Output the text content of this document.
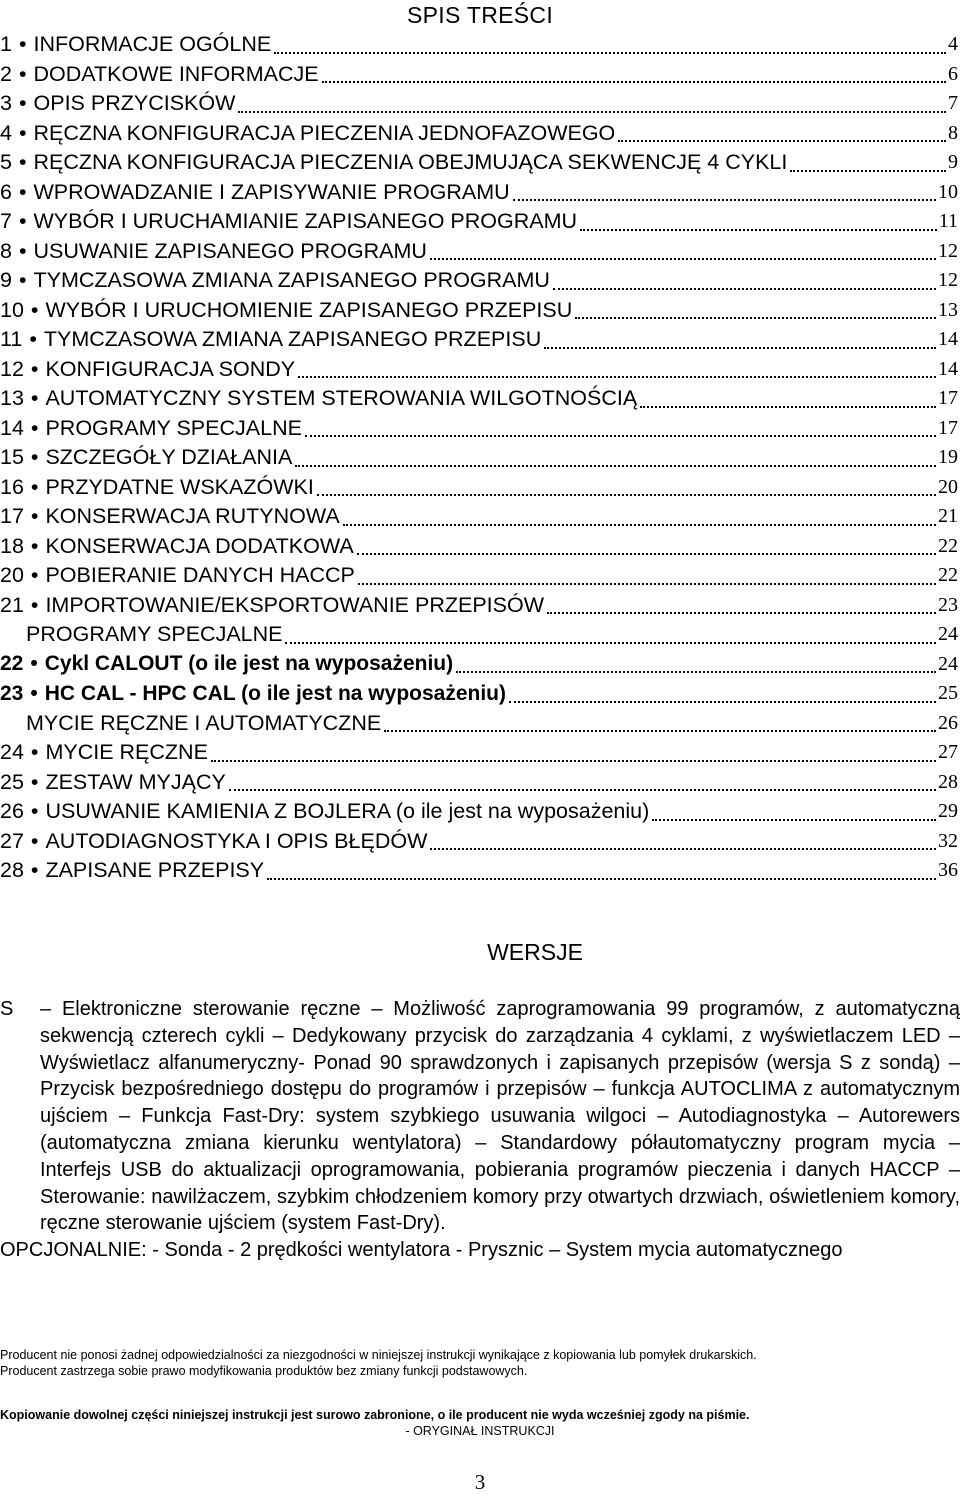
SPIS TREŚCI
1 • INFORMACJE OGÓLNE	4
2 • DODATKOWE INFORMACJE	6
3 • OPIS PRZYCISKÓW	7
4 • RĘCZNA KONFIGURACJA PIECZENIA JEDNOFAZOWEGO	8
5 • RĘCZNA KONFIGURACJA PIECZENIA OBEJMUJĄCA SEKWENCJĘ 4 CYKLI	9
6 • WPROWADZANIE I ZAPISYWANIE PROGRAMU	10
7 • WYBÓR I URUCHAMIANIE ZAPISANEGO PROGRAMU	11
8 • USUWANIE ZAPISANEGO PROGRAMU	12
9 • TYMCZASOWA ZMIANA ZAPISANEGO PROGRAMU	12
10 • WYBÓR I URUCHOMIENIE ZAPISANEGO PRZEPISU	13
11 • TYMCZASOWA ZMIANA ZAPISANEGO PRZEPISU	14
12 • KONFIGURACJA SONDY	14
13 • AUTOMATYCZNY SYSTEM STEROWANIA WILGOTNOŚCIĄ	17
14 • PROGRAMY SPECJALNE	17
15 • SZCZEGÓŁY DZIAŁANIA	19
16 • PRZYDATNE WSKAZÓWKI	20
17 • KONSERWACJA RUTYNOWA	21
18 • KONSERWACJA DODATKOWA	22
20 • POBIERANIE DANYCH HACCP	22
21 • IMPORTOWANIE/EKSPORTOWANIE PRZEPISÓW	23
PROGRAMY SPECJALNE	24
22 • Cykl CALOUT (o ile jest na wyposażeniu)	24
23 • HC CAL - HPC CAL (o ile jest na wyposażeniu)	25
MYCIE RĘCZNE I AUTOMATYCZNE	26
24 • MYCIE RĘCZNE	27
25 • ZESTAW MYJĄCY	28
26 • USUWANIE KAMIENIA Z BOJLERA (o ile jest na wyposażeniu)	29
27 • AUTODIAGNOSTYKA I OPIS BŁĘDÓW	32
28 • ZAPISANE PRZEPISY	36
WERSJE
S – Elektroniczne sterowanie ręczne – Możliwość zaprogramowania 99 programów, z automatyczną sekwencją czterech cykli – Dedykowany przycisk do zarządzania 4 cyklami, z wyświetlaczem LED – Wyświetlacz alfanumeryczny- Ponad 90 sprawdzonych i zapisanych przepisów (wersja S z sondą) – Przycisk bezpośredniego dostępu do programów i przepisów – funkcja AUTOCLIMA z automatycznym ujściem – Funkcja Fast-Dry: system szybkiego usuwania wilgoci – Autodiagnostyka – Autorewers (automatyczna zmiana kierunku wentylatora) – Standardowy półautomatyczny program mycia – Interfejs USB do aktualizacji oprogramowania, pobierania programów pieczenia i danych HACCP – Sterowanie: nawilżaczem, szybkim chłodzeniem komory przy otwartych drzwiach, oświetleniem komory, ręczne sterowanie ujściem (system Fast-Dry).
OPCJONALNIE: - Sonda - 2 prędkości wentylatora - Prysznic – System mycia automatycznego
Producent nie ponosi żadnej odpowiedzialności za niezgodności w niniejszej instrukcji wynikające z kopiowania lub pomyłek drukarskich.
Producent zastrzega sobie prawo modyfikowania produktów bez zmiany funkcji podstawowych.
Kopiowanie dowolnej części niniejszej instrukcji jest surowo zabronione, o ile producent nie wyda wcześniej zgody na piśmie.
- ORYGINAŁ INSTRUKCJI
3
